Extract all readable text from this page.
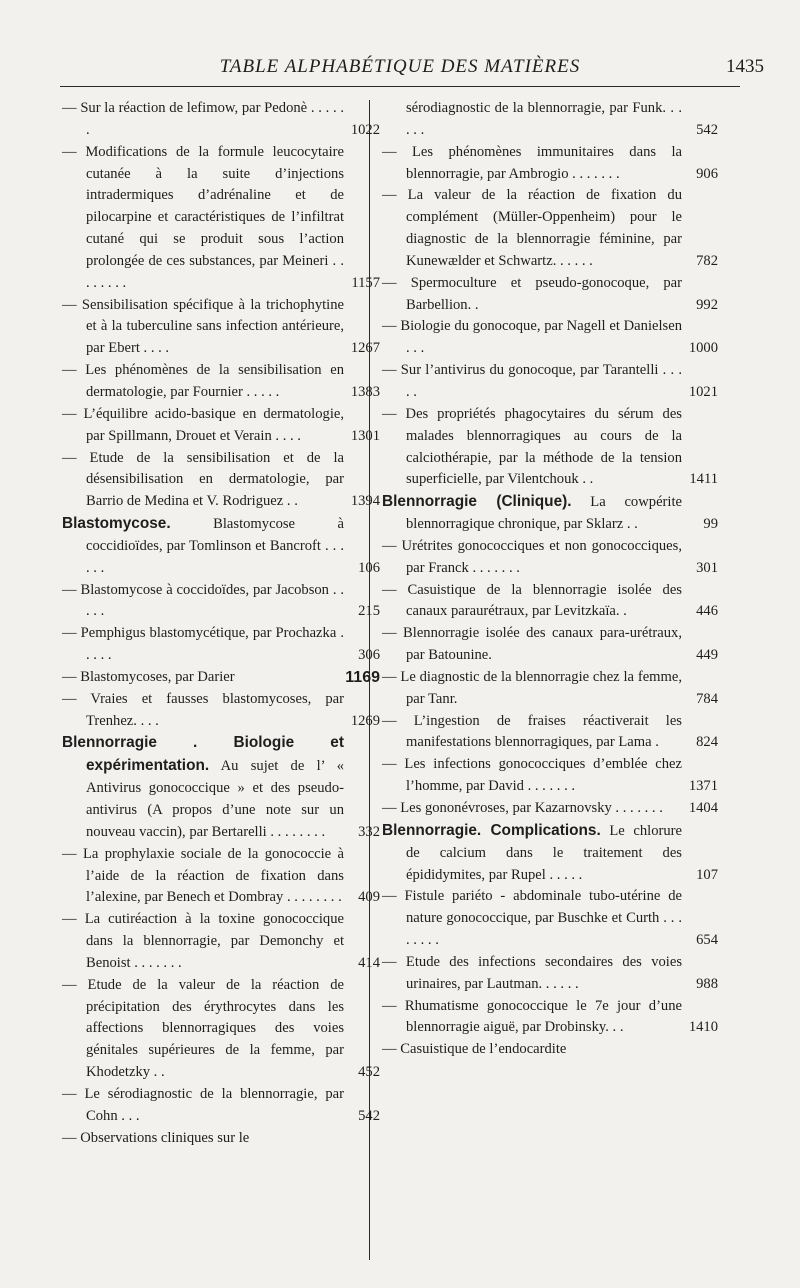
TABLE ALPHABÉTIQUE DES MATIÈRES	1435
— Sur la réaction de lefimow, par Pedonè . . . . . .	1022
— Modifications de la formule leucocytaire cutanée à la suite d’injections intradermiques d’adrénaline et de pilocarpine et caractéristiques de l’infiltrat cutané qui se produit sous l’action prolongée de ces substances, par Meineri . . . . . . . .	1157
— Sensibilisation spécifique à la trichophytine et à la tuberculine sans infection antérieure, par Ebert . . . .	1267
— Les phénomènes de la sensibilisation en dermatologie, par Fournier . . . . .	1383
— L’équilibre acido-basique en dermatologie, par Spillmann, Drouet et Verain . . . .	1301
— Etude de la sensibilisation et de la désensibilisation en dermatologie, par Barrio de Medina et V. Rodriguez . .	1394
Blastomycose. Blastomycose à coccidioïdes, par Tomlinson et Bancroft . . . . . .	106
— Blastomycose à coccidoïdes, par Jacobson . . . . .	215
— Pemphigus blastomycétique, par Prochazka . . . . .	306
— Blastomycoses, par Darier	1169
— Vraies et fausses blastomycoses, par Trenhez. . . .	1269
Blennorragie . Biologie et expérimentation. Au sujet de l’ « Antivirus gonococcique » et des pseudo-antivirus (A propos d’une note sur un nouveau vaccin), par Bertarelli . . . . . . . .	332
— La prophylaxie sociale de la gonococcie à l’aide de la réaction de fixation dans l’alexine, par Benech et Dombray . . . . . . . .	409
— La cutiréaction à la toxine gonococcique dans la blennorragie, par Demonchy et Benoist . . . . . . .	414
— Etude de la valeur de la réaction de précipitation des érythrocytes dans les affections blennorragiques des voies génitales supérieures de la femme, par Khodetzky . .	452
— Le sérodiagnostic de la blennorragie, par Cohn . . .	542
— Observations cliniques sur le
sérodiagnostic de la blennorragie, par Funk. . . . . .	542
— Les phénomènes immunitaires dans la blennorragie, par Ambrogio . . . . . . .	906
— La valeur de la réaction de fixation du complément (Müller-Oppenheim) pour le diagnostic de la blennorragie féminine, par Kunewælder et Schwartz. . . . . .	782
— Spermoculture et pseudo-gonocoque, par Barbellion. .	992
— Biologie du gonocoque, par Nagell et Danielsen . . .	1000
— Sur l’antivirus du gonocoque, par Tarantelli . . . . .	1021
— Des propriétés phagocytaires du sérum des malades blennorragiques au cours de la calciothérapie, par la méthode de la tension superficielle, par Vilentchouk . .	1411
Blennorragie (Clinique). La cowpérite blennorragique chronique, par Sklarz . .	99
— Urétrites gonococciques et non gonococciques, par Franck . . . . . . .	301
— Casuistique de la blennorragie isolée des canaux paraurétraux, par Levitzkaïa. .	446
— Blennorragie isolée des canaux para-urétraux, par Batounine.	449
— Le diagnostic de la blennorragie chez la femme, par Tanr.	784
— L’ingestion de fraises réactiverait les manifestations blennorragiques, par Lama .	824
— Les infections gonococciques d’emblée chez l’homme, par David . . . . . . .	1371
— Les gononévroses, par Kazarnovsky . . . . . . .	1404
Blennorragie. Complications. Le chlorure de calcium dans le traitement des épididymites, par Rupel . . . . .	107
— Fistule pariéto - abdominale tubo-utérine de nature gonococcique, par Buschke et Curth . . . . . . . .	654
— Etude des infections secondaires des voies urinaires, par Lautman. . . . . .	988
— Rhumatisme gonococcique le 7e jour d’une blennorragie aiguë, par Drobinsky. . .	1410
— Casuistique de l’endocardite
